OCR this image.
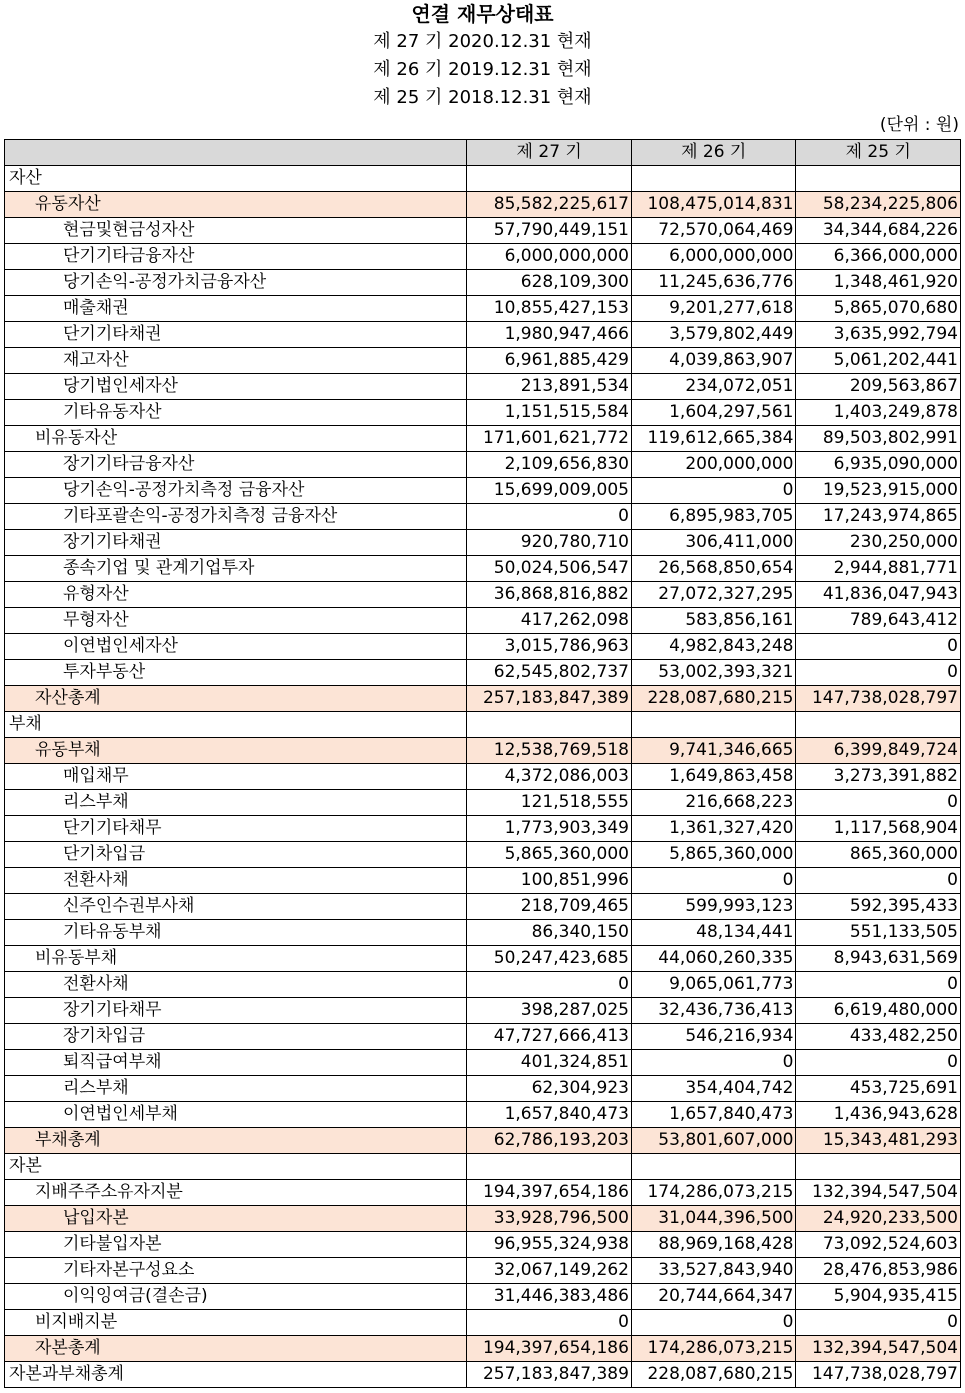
연결 재무상태표
제 27 기 2020.12.31 현재
제 26 기 2019.12.31 현재
제 25 기 2018.12.31 현재
(단위 : 원)
	제 27 기	제 26 기	제 25 기
자산			
유동자산	85,582,225,617	108,475,014,831	58,234,225,806
현금및현금성자산	57,790,449,151	72,570,064,469	34,344,684,226
단기기타금융자산	6,000,000,000	6,000,000,000	6,366,000,000
당기손익-공정가치금융자산	628,109,300	11,245,636,776	1,348,461,920
매출채권	10,855,427,153	9,201,277,618	5,865,070,680
단기기타채권	1,980,947,466	3,579,802,449	3,635,992,794
재고자산	6,961,885,429	4,039,863,907	5,061,202,441
당기법인세자산	213,891,534	234,072,051	209,563,867
기타유동자산	1,151,515,584	1,604,297,561	1,403,249,878
비유동자산	171,601,621,772	119,612,665,384	89,503,802,991
장기기타금융자산	2,109,656,830	200,000,000	6,935,090,000
당기손익-공정가치측정 금융자산	15,699,009,005	0	19,523,915,000
기타포괄손익-공정가치측정 금융자산	0	6,895,983,705	17,243,974,865
장기기타채권	920,780,710	306,411,000	230,250,000
종속기업 및 관계기업투자	50,024,506,547	26,568,850,654	2,944,881,771
유형자산	36,868,816,882	27,072,327,295	41,836,047,943
무형자산	417,262,098	583,856,161	789,643,412
이연법인세자산	3,015,786,963	4,982,843,248	0
투자부동산	62,545,802,737	53,002,393,321	0
자산총계	257,183,847,389	228,087,680,215	147,738,028,797
부채			
유동부채	12,538,769,518	9,741,346,665	6,399,849,724
매입채무	4,372,086,003	1,649,863,458	3,273,391,882
리스부채	121,518,555	216,668,223	0
단기기타채무	1,773,903,349	1,361,327,420	1,117,568,904
단기차입금	5,865,360,000	5,865,360,000	865,360,000
전환사채	100,851,996	0	0
신주인수권부사채	218,709,465	599,993,123	592,395,433
기타유동부채	86,340,150	48,134,441	551,133,505
비유동부채	50,247,423,685	44,060,260,335	8,943,631,569
전환사채	0	9,065,061,773	0
장기기타채무	398,287,025	32,436,736,413	6,619,480,000
장기차입금	47,727,666,413	546,216,934	433,482,250
퇴직급여부채	401,324,851	0	0
리스부채	62,304,923	354,404,742	453,725,691
이연법인세부채	1,657,840,473	1,657,840,473	1,436,943,628
부채총계	62,786,193,203	53,801,607,000	15,343,481,293
자본			
지배주주소유자지분	194,397,654,186	174,286,073,215	132,394,547,504
납입자본	33,928,796,500	31,044,396,500	24,920,233,500
기타불입자본	96,955,324,938	88,969,168,428	73,092,524,603
기타자본구성요소	32,067,149,262	33,527,843,940	28,476,853,986
이익잉여금(결손금)	31,446,383,486	20,744,664,347	5,904,935,415
비지배지분	0	0	0
자본총계	194,397,654,186	174,286,073,215	132,394,547,504
자본과부채총계	257,183,847,389	228,087,680,215	147,738,028,797
